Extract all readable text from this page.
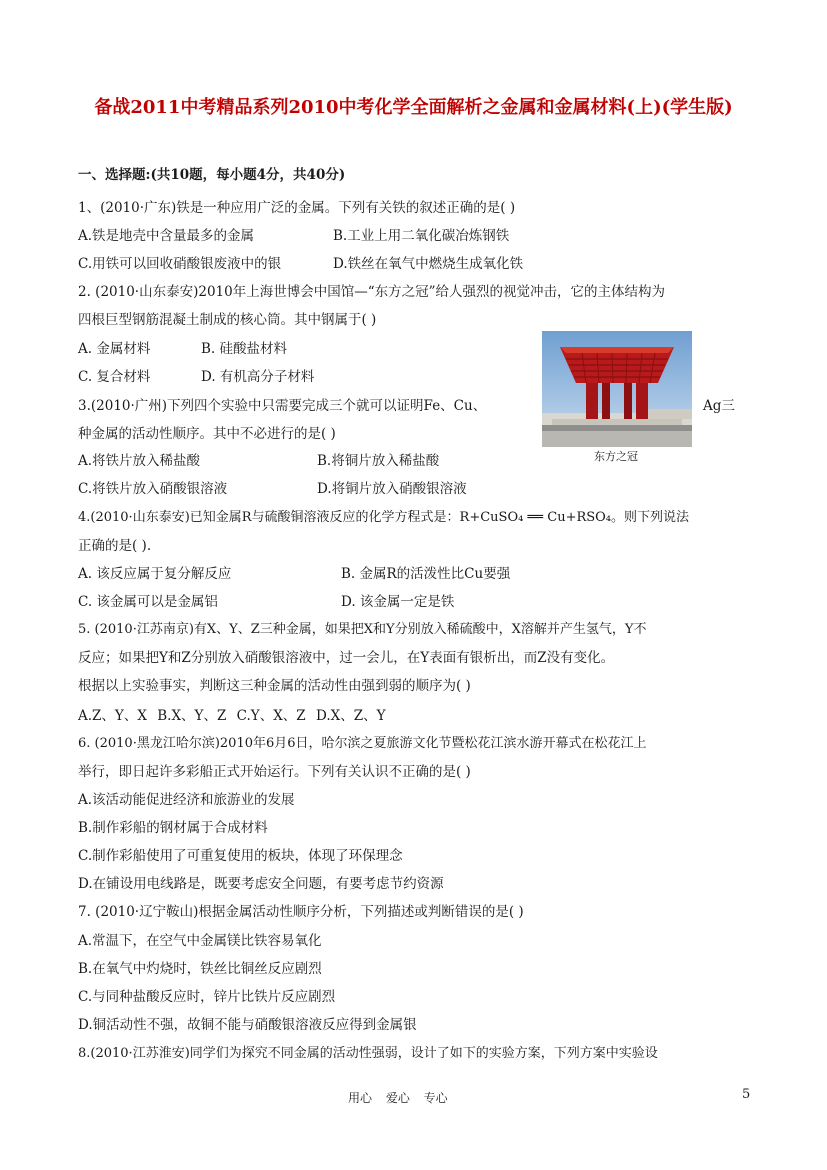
备战2011中考精品系列2010中考化学全面解析之金属和金属材料(上)(学生版)

一、选择题:(共10题，每小题4分，共40分)
1、(2010·广东)铁是一种应用广泛的金属。下列有关铁的叙述正确的是( )
A.铁是地壳中含量最多的金属	B.工业上用二氧化碳冶炼钢铁
C.用铁可以回收硝酸银废液中的银	D.铁丝在氧气中燃烧生成氧化铁
2. (2010·山东泰安)2010年上海世博会中国馆—“东方之冠”给人强烈的视觉冲击，它的主体结构为
四根巨型钢筋混凝土制成的核心筒。其中钢属于( )
A. 金属材料	B. 硅酸盐材料
C. 复合材料	D. 有机高分子材料
东方之冠
3.(2010·广州)下列四个实验中只需要完成三个就可以证明Fe、Cu、	Ag三
种金属的活动性顺序。其中不必进行的是( )
A.将铁片放入稀盐酸	B.将铜片放入稀盐酸
C.将铁片放入硝酸银溶液	D.将铜片放入硝酸银溶液
4.(2010·山东泰安)已知金属R与硫酸铜溶液反应的化学方程式是：R+CuSO₄ ══ Cu+RSO₄。则下列说法
正确的是( ).
A. 该反应属于复分解反应	B. 金属R的活泼性比Cu要强
C. 该金属可以是金属铝	D. 该金属一定是铁
5. (2010·江苏南京)有X、Y、Z三种金属，如果把X和Y分别放入稀硫酸中，X溶解并产生氢气，Y不
反应；如果把Y和Z分别放入硝酸银溶液中，过一会儿，在Y表面有银析出，而Z没有变化。
根据以上实验事实，判断这三种金属的活动性由强到弱的顺序为( )
A.Z、Y、X B.X、Y、Z C.Y、X、Z D.X、Z、Y
6. (2010·黑龙江哈尔滨)2010年6月6日，哈尔滨之夏旅游文化节暨松花江滨水游开幕式在松花江上
举行，即日起许多彩船正式开始运行。下列有关认识不正确的是( )
A.该活动能促进经济和旅游业的发展
B.制作彩船的钢材属于合成材料
C.制作彩船使用了可重复使用的板块，体现了环保理念
D.在铺设用电线路是，既要考虑安全问题，有要考虑节约资源
7. (2010·辽宁鞍山)根据金属活动性顺序分析，下列描述或判断错误的是( )
A.常温下，在空气中金属镁比铁容易氧化
B.在氧气中灼烧时，铁丝比铜丝反应剧烈
C.与同种盐酸反应时，锌片比铁片反应剧烈
D.铜活动性不强，故铜不能与硝酸银溶液反应得到金属银
8.(2010·江苏淮安)同学们为探究不同金属的活动性强弱，设计了如下的实验方案，下列方案中实验设
用心 爱心 专心	5
